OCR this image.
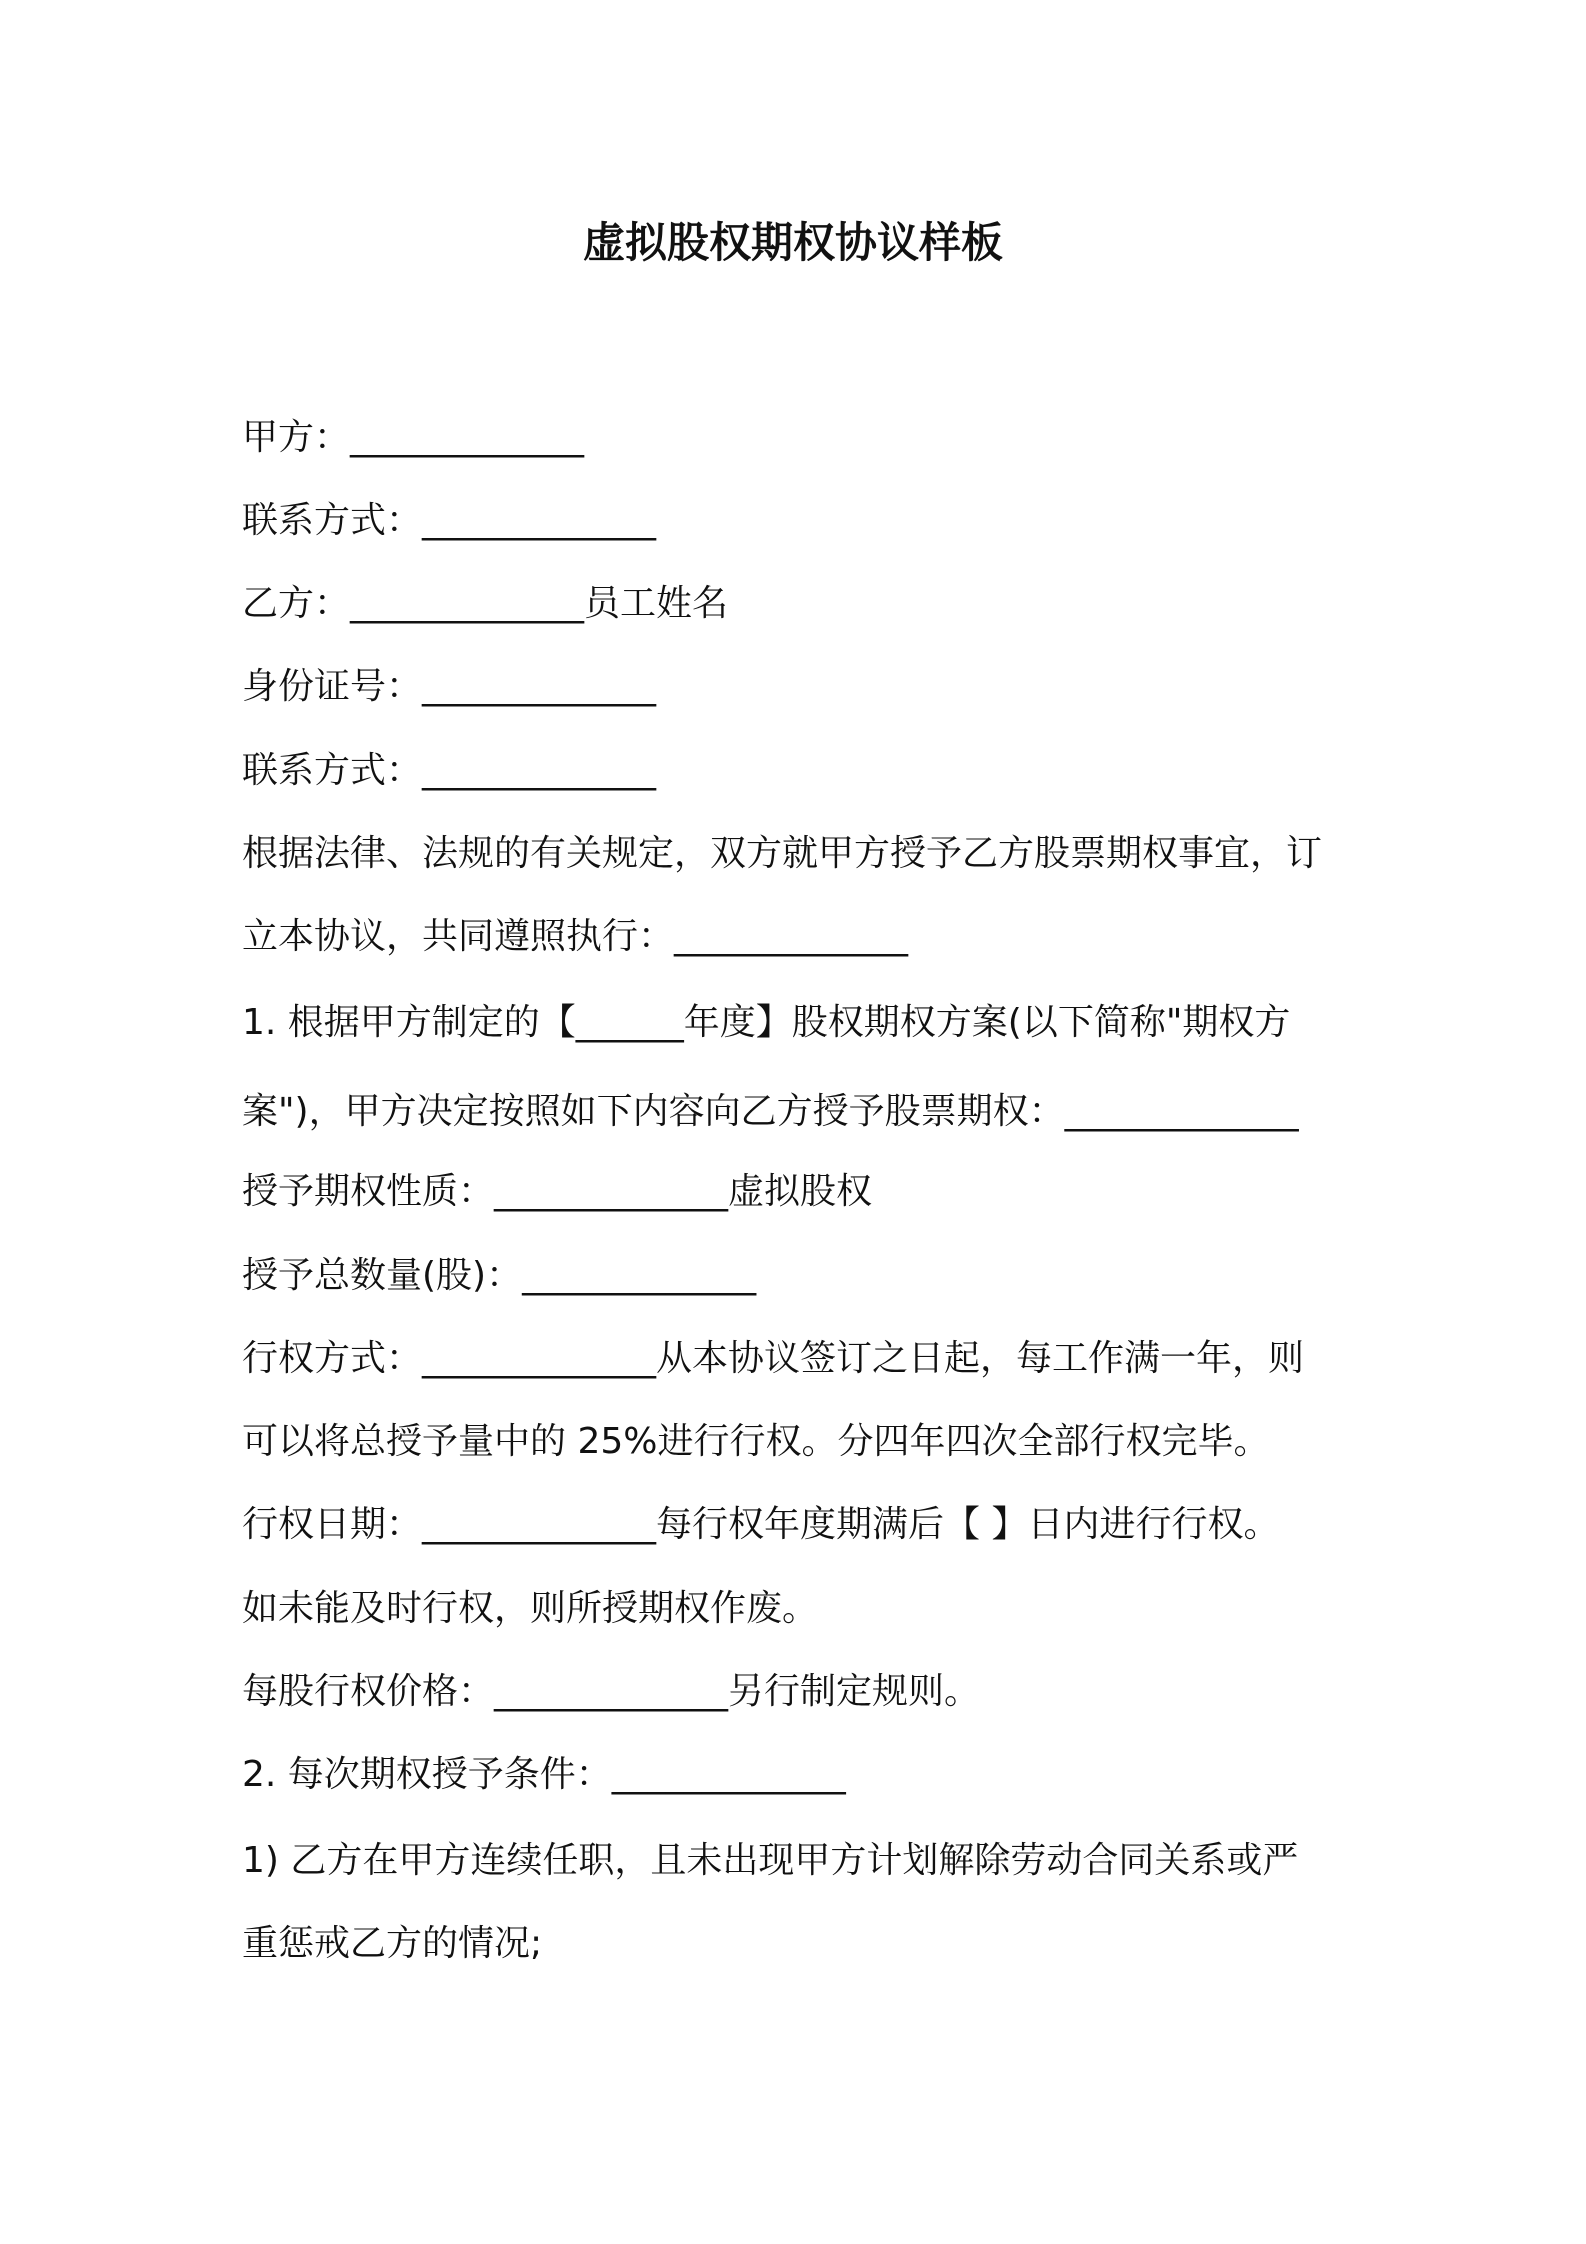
虚拟股权期权协议样板
甲方：_____________
联系方式：_____________
乙方：_____________员工姓名
身份证号：_____________
联系方式：_____________
根据法律、法规的有关规定，双方就甲方授予乙方股票期权事宜，订
立本协议，共同遵照执行：_____________
1. 根据甲方制定的【______年度】股权期权方案(以下简称"期权方
案")，甲方决定按照如下内容向乙方授予股票期权：_____________
授予期权性质：_____________虚拟股权
授予总数量(股)：_____________
行权方式：_____________从本协议签订之日起，每工作满一年，则
可以将总授予量中的 25%进行行权。分四年四次全部行权完毕。
行权日期：_____________每行权年度期满后【 】日内进行行权。
如未能及时行权，则所授期权作废。
每股行权价格：_____________另行制定规则。
2. 每次期权授予条件：_____________
1) 乙方在甲方连续任职，且未出现甲方计划解除劳动合同关系或严
重惩戒乙方的情况;
